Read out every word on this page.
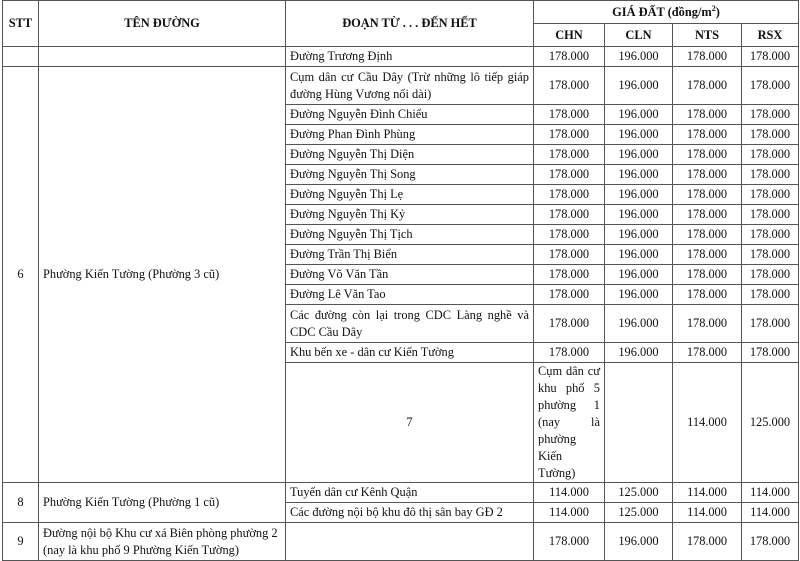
STT	TÊN ĐƯỜNG	ĐOẠN TỪ . . . ĐẾN HẾT	GIÁ ĐẤT $(đồng/m^2)$				
			CHN	CLN	NTS	RSX	
		Đường Trương Định	178.000	196.000	178.000	178.000	
6	Phường Kiến Tường (Phường 3 cũ)	Cụm dân cư Cầu Dây (Trừ những lô tiếp giáp đường Hùng Vương nối dài)	178.000	196.000	178.000	178.000	
		Đường Nguyễn Đình Chiểu	178.000	196.000	178.000	178.000	
		Đường Phan Đình Phùng	178.000	196.000	178.000	178.000	
		Đường Nguyễn Thị Diện	178.000	196.000	178.000	178.000	
		Đường Nguyễn Thị Song	178.000	196.000	178.000	178.000	
		Đường Nguyễn Thị Lẹ	178.000	196.000	178.000	178.000	
		Đường Nguyễn Thị Kỷ	178.000	196.000	178.000	178.000	
		Đường Nguyễn Thị Tịch	178.000	196.000	178.000	178.000	
		Đường Trần Thị Biển	178.000	196.000	178.000	178.000	
		Đường Võ Văn Tần	178.000	196.000	178.000	178.000	
		Đường Lê Văn Tao	178.000	196.000	178.000	178.000	
		Các đường còn lại trong CDC Làng nghề và CDC Cầu Dây	178.000	196.000	178.000	178.000	
		Khu bến xe - dân cư Kiến Tường	178.000	196.000	178.000	178.000	
		7	Cụm dân cư khu phố 5 phường 1 (nay là phường Kiến Tường)		114.000	125.000		
8	Phường Kiến Tường (Phường 1 cũ)	Tuyến dân cư Kênh Quận	114.000	125.000	114.000	114.000	
		Các đường nội bộ khu đô thị sân bay GĐ 2	114.000	125.000	114.000	114.000	
9	Đường nội bộ Khu cư xá Biên phòng phường 2 (nay là khu phố 9 Phường Kiến Tường)		178.000	196.000	178.000	178.000	
